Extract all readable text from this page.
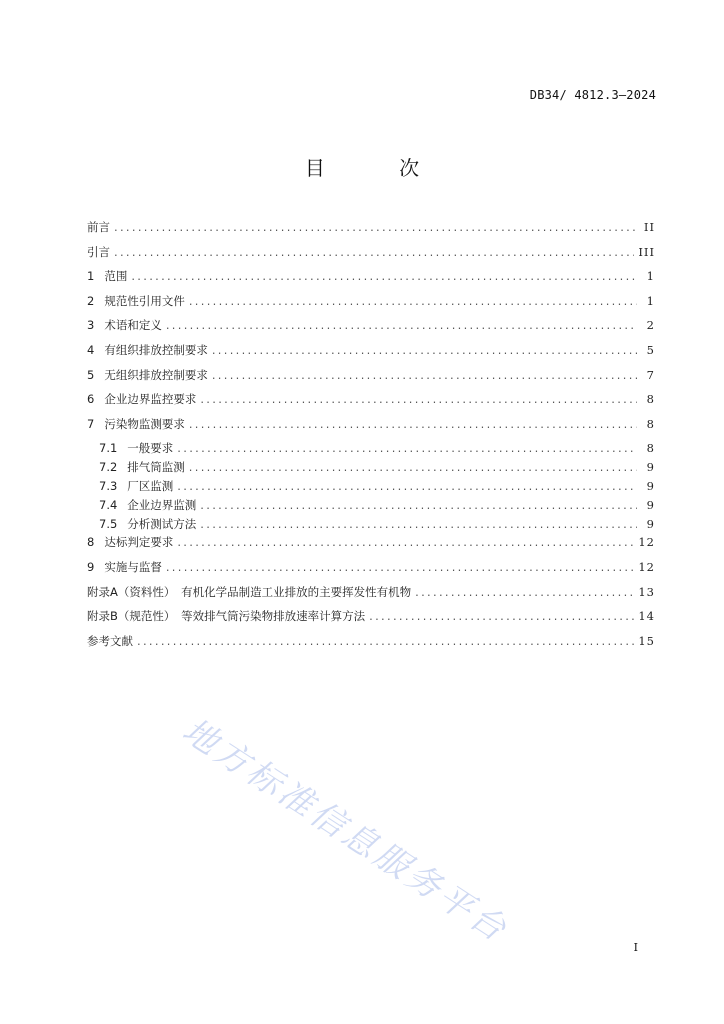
DB34/ 4812.3—2024
目 次
前言 .....	II
引言 .....	III
1 范围 .....	1
2 规范性引用文件 .....	1
3 术语和定义 .....	2
4 有组织排放控制要求 .....	5
5 无组织排放控制要求 .....	7
6 企业边界监控要求 .....	8
7 污染物监测要求 .....	8
7.1 一般要求 .....	8
7.2 排气筒监测 .....	9
7.3 厂区监测 .....	9
7.4 企业边界监测 .....	9
7.5 分析测试方法 .....	9
8 达标判定要求 .....	12
9 实施与监督 .....	12
附录A（资料性）　有机化学品制造工业排放的主要挥发性有机物 .....	13
附录B（规范性）　等效排气筒污染物排放速率计算方法 .....	14
参考文献 .....	15
地方标准信息服务平台	I
